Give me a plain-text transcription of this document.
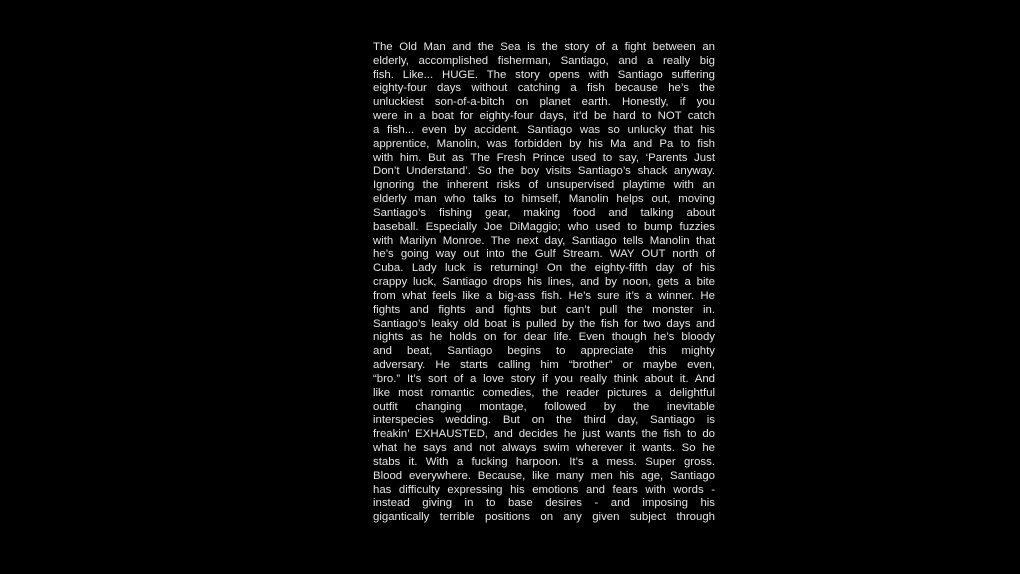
The Old Man and the Sea is the story of a fight between an
elderly, accomplished fisherman, Santiago, and a really big
fish. Like... HUGE. The story opens with Santiago suffering
eighty-four days without catching a fish because he’s the
unluckiest son-of-a-bitch on planet earth. Honestly, if you
were in a boat for eighty-four days, it’d be hard to NOT catch
a fish... even by accident. Santiago was so unlucky that his
apprentice, Manolin, was forbidden by his Ma and Pa to fish
with him. But as The Fresh Prince used to say, ‘Parents Just
Don’t Understand’. So the boy visits Santiago’s shack anyway.
Ignoring the inherent risks of unsupervised playtime with an
elderly man who talks to himself, Manolin helps out, moving
Santiago’s fishing gear, making food and talking about
baseball. Especially Joe DiMaggio; who used to bump fuzzies
with Marilyn Monroe. The next day, Santiago tells Manolin that
he’s going way out into the Gulf Stream. WAY OUT north of
Cuba. Lady luck is returning! On the eighty-fifth day of his
crappy luck, Santiago drops his lines, and by noon, gets a bite
from what feels like a big-ass fish. He’s sure it’s a winner. He
fights and fights and fights but can’t pull the monster in.
Santiago’s leaky old boat is pulled by the fish for two days and
nights as he holds on for dear life. Even though he’s bloody
and beat, Santiago begins to appreciate this mighty
adversary. He starts calling him “brother” or maybe even,
“bro.” It’s sort of a love story if you really think about it. And
like most romantic comedies, the reader pictures a delightful
outfit changing montage, followed by the inevitable
interspecies wedding. But on the third day, Santiago is
freakin’ EXHAUSTED, and decides he just wants the fish to do
what he says and not always swim wherever it wants. So he
stabs it. With a fucking harpoon. It’s a mess. Super gross.
Blood everywhere. Because, like many men his age, Santiago
has difficulty expressing his emotions and fears with words -
instead giving in to base desires - and imposing his
gigantically terrible positions on any given subject through
